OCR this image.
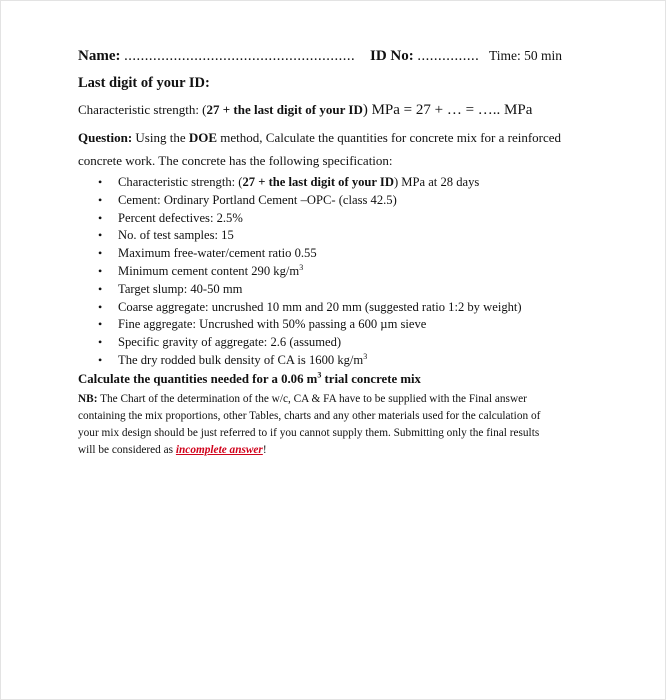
Name: ........................................................ ID No: ............... Time: 50 min
Last digit of your ID:
Characteristic strength: (27 + the last digit of your ID) MPa = 27 + … = ….. MPa
Question: Using the DOE method, Calculate the quantities for concrete mix for a reinforced
concrete work. The concrete has the following specification:
• Characteristic strength: (27 + the last digit of your ID) MPa at 28 days
• Cement: Ordinary Portland Cement –OPC- (class 42.5)
• Percent defectives: 2.5%
• No. of test samples: 15
• Maximum free-water/cement ratio 0.55
• Minimum cement content 290 $kg/m^3$
• Target slump: 40-50 mm
• Coarse aggregate: uncrushed 10 mm and 20 mm (suggested ratio 1:2 by weight)
• Fine aggregate: Uncrushed with 50% passing a 600 µm sieve
• Specific gravity of aggregate: 2.6 (assumed)
• The dry rodded bulk density of CA is 1600 $kg/m^3$
Calculate the quantities needed for a 0.06 $m^3$ trial concrete mix
NB: The Chart of the determination of the w/c, CA & FA have to be supplied with the Final answer
containing the mix proportions, other Tables, charts and any other materials used for the calculation of
your mix design should be just referred to if you cannot supply them. Submitting only the final results
will be considered as incomplete answer!
